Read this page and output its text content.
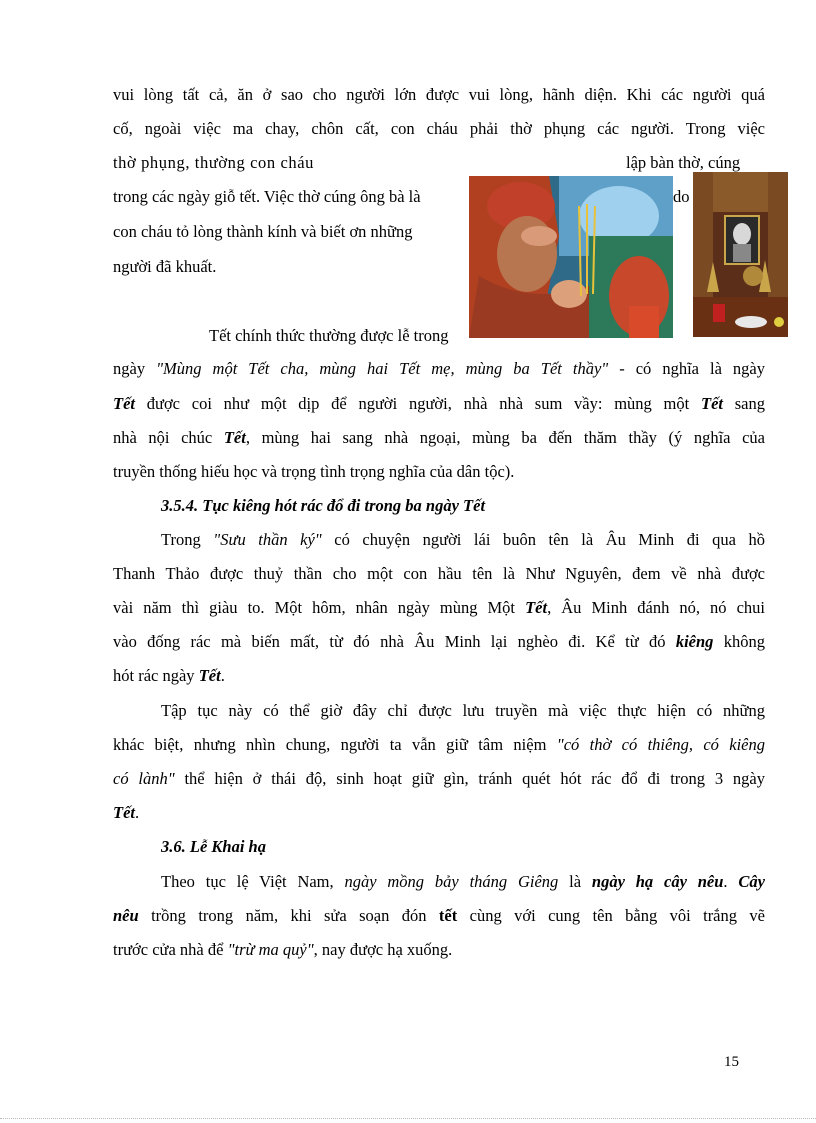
vui lòng tất cả, ăn ở sao cho người lớn được vui lòng, hãnh diện. Khi các người quá
cố, ngoài việc ma chay, chôn cất, con cháu phải thờ phụng các người. Trong việc
thờ phụng, thường con cháu	lập bàn thờ, cúng
trong các ngày giỗ tết. Việc thờ cúng ông bà là	do
con cháu tỏ lòng thành kính và biết ơn những
người đã khuất.
Tết chính thức thường được lễ trong
ngày "Mùng một Tết cha, mùng hai Tết mẹ, mùng ba Tết thầy" - có nghĩa là ngày
Tết được coi như một dịp để người người, nhà nhà sum vầy: mùng một Tết sang
nhà nội chúc Tết, mùng hai sang nhà ngoại, mùng ba đến thăm thầy (ý nghĩa của
truyền thống hiếu học và trọng tình trọng nghĩa của dân tộc).
3.5.4. Tục kiêng hót rác đổ đi trong ba ngày Tết
Trong "Sưu thần ký" có chuyện người lái buôn tên là Âu Minh đi qua hồ
Thanh Thảo được thuỷ thần cho một con hầu tên là Như Nguyên, đem về nhà được
vài năm thì giàu to. Một hôm, nhân ngày mùng Một Tết, Âu Minh đánh nó, nó chui
vào đống rác mà biến mất, từ đó nhà Âu Minh lại nghèo đi. Kể từ đó kiêng không
hót rác ngày Tết.
Tập tục này có thể giờ đây chỉ được lưu truyền mà việc thực hiện có những
khác biệt, nhưng nhìn chung, người ta vẫn giữ tâm niệm "có thờ có thiêng, có kiêng
có lành" thể hiện ở thái độ, sinh hoạt giữ gìn, tránh quét hót rác đổ đi trong 3 ngày
Tết.
3.6. Lễ Khai hạ
Theo tục lệ Việt Nam, ngày mồng bảy tháng Giêng là ngày hạ cây nêu. Cây
nêu trồng trong năm, khi sửa soạn đón tết cùng với cung tên bằng vôi trắng vẽ
trước cửa nhà để "trừ ma quỷ", nay được hạ xuống.
15
